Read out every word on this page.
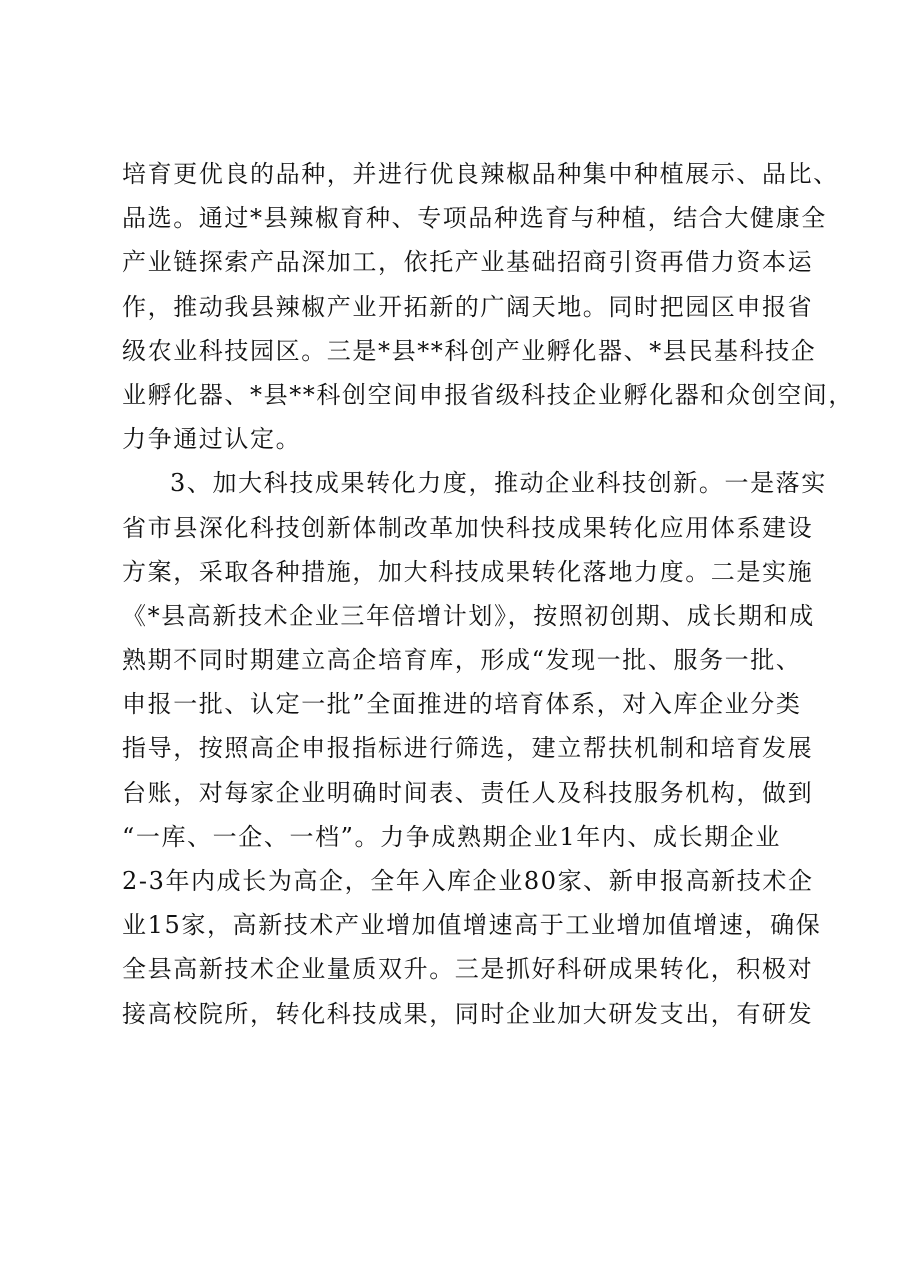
培育更优良的品种，并进行优良辣椒品种集中种植展示、品比、
品选。通过*县辣椒育种、专项品种选育与种植，结合大健康全
产业链探索产品深加工，依托产业基础招商引资再借力资本运
作，推动我县辣椒产业开拓新的广阔天地。同时把园区申报省
级农业科技园区。三是*县**科创产业孵化器、*县民基科技企
业孵化器、*县**科创空间申报省级科技企业孵化器和众创空间，
力争通过认定。
3、加大科技成果转化力度，推动企业科技创新。一是落实
省市县深化科技创新体制改革加快科技成果转化应用体系建设
方案，采取各种措施，加大科技成果转化落地力度。二是实施
《*县高新技术企业三年倍增计划》，按照初创期、成长期和成
熟期不同时期建立高企培育库，形成“发现一批、服务一批、
申报一批、认定一批”全面推进的培育体系，对入库企业分类
指导，按照高企申报指标进行筛选，建立帮扶机制和培育发展
台账，对每家企业明确时间表、责任人及科技服务机构，做到
“一库、一企、一档”。力争成熟期企业1年内、成长期企业
2-3年内成长为高企，全年入库企业80家、新申报高新技术企
业15家，高新技术产业增加值增速高于工业增加值增速，确保
全县高新技术企业量质双升。三是抓好科研成果转化，积极对
接高校院所，转化科技成果，同时企业加大研发支出，有研发
